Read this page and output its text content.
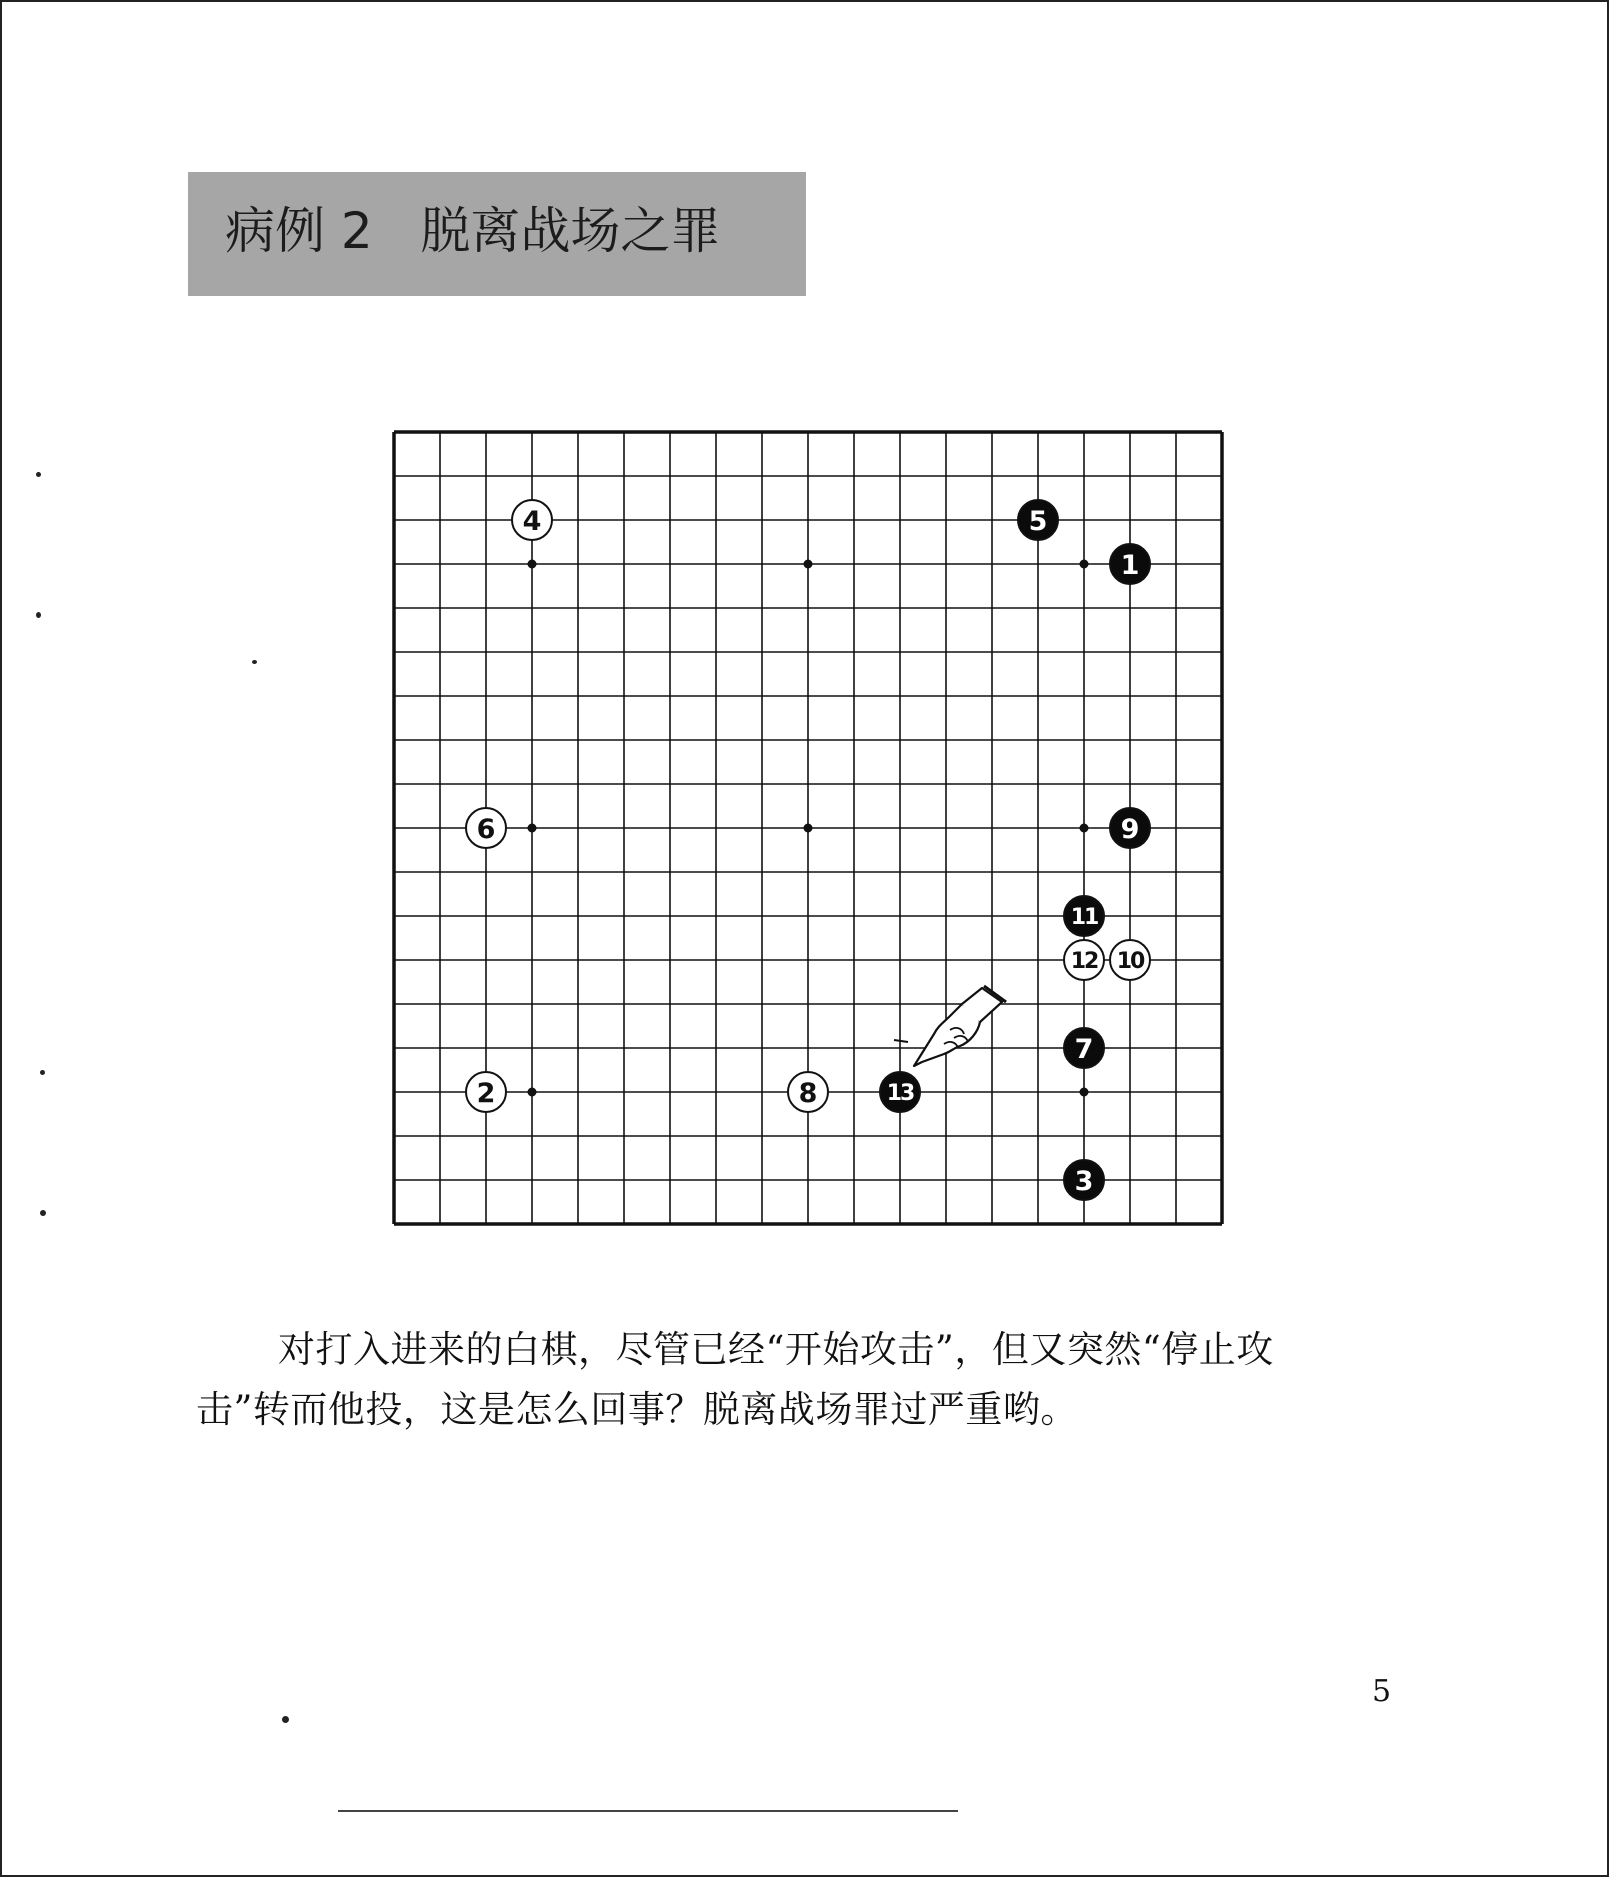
病例 2   脱离战场之罪
1
2
3
4	5
6
7
8
9
10
11
12
13
对打入进来的白棋，尽管已经“开始攻击”，但又突然“停止攻
击”转而他投，这是怎么回事？脱离战场罪过严重哟。
5
